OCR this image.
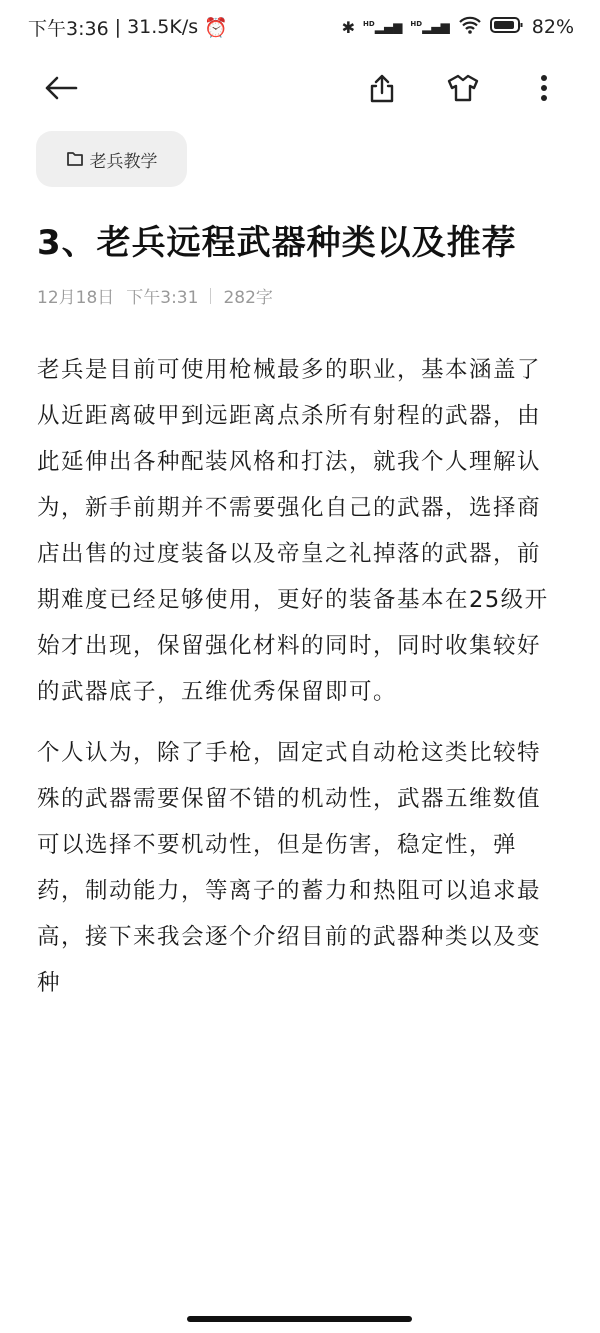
下午3:36 | 31.5K/s ⏰	✱ $^{HD}$▂▄▆ $^{HD}$▂▄▆	82%
老兵教学
3、老兵远程武器种类以及推荐
12月18日 下午3:31 282字
老兵是目前可使用枪械最多的职业，基本涵盖了
从近距离破甲到远距离点杀所有射程的武器，由
此延伸出各种配装风格和打法，就我个人理解认
为，新手前期并不需要强化自己的武器，选择商
店出售的过度装备以及帝皇之礼掉落的武器，前
期难度已经足够使用，更好的装备基本在25级开
始才出现，保留强化材料的同时，同时收集较好
的武器底子，五维优秀保留即可。
个人认为，除了手枪，固定式自动枪这类比较特
殊的武器需要保留不错的机动性，武器五维数值
可以选择不要机动性，但是伤害，稳定性，弹
药，制动能力，等离子的蓄力和热阻可以追求最
高，接下来我会逐个介绍目前的武器种类以及变
种
